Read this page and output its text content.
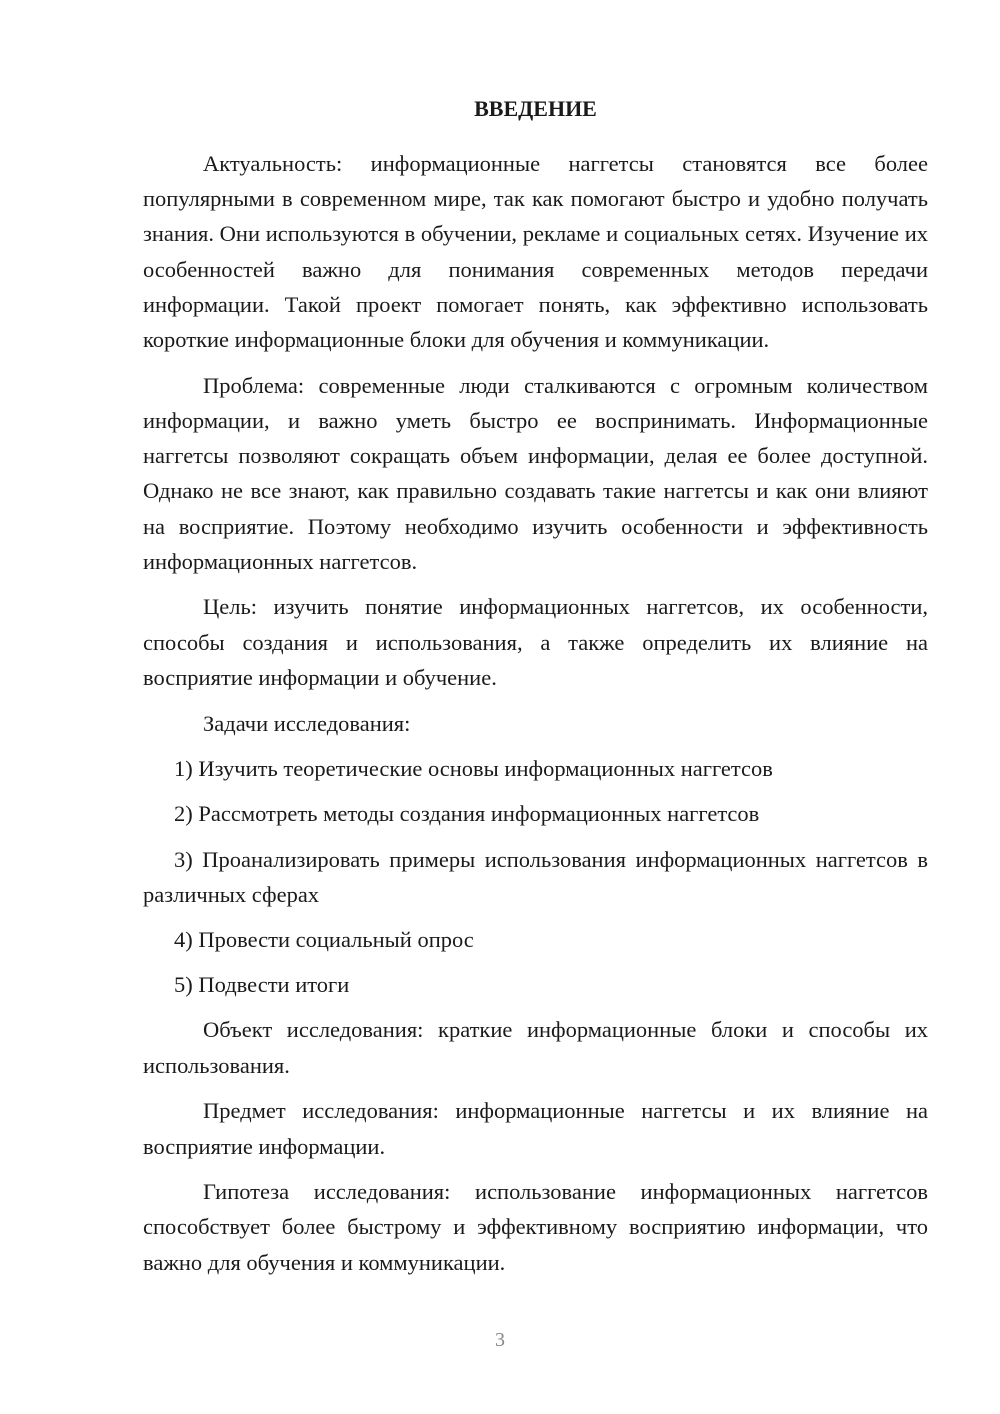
ВВЕДЕНИЕ

Актуальность: информационные наггетсы становятся все более популярными в современном мире, так как помогают быстро и удобно получать знания. Они используются в обучении, рекламе и социальных сетях. Изучение их особенностей важно для понимания современных методов передачи информации. Такой проект помогает понять, как эффективно использовать короткие информационные блоки для обучения и коммуникации.

Проблема: современные люди сталкиваются с огромным количеством информации, и важно уметь быстро ее воспринимать. Информационные наггетсы позволяют сокращать объем информации, делая ее более доступной. Однако не все знают, как правильно создавать такие наггетсы и как они влияют на восприятие. Поэтому необходимо изучить особенности и эффективность информационных наггетсов.

Цель: изучить понятие информационных наггетсов, их особенности, способы создания и использования, а также определить их влияние на восприятие информации и обучение.

Задачи исследования:

1) Изучить теоретические основы информационных наггетсов

2) Рассмотреть методы создания информационных наггетсов

3) Проанализировать примеры использования информационных наггетсов в различных сферах

4) Провести социальный опрос

5) Подвести итоги

Объект исследования: краткие информационные блоки и способы их использования.

Предмет исследования: информационные наггетсы и их влияние на восприятие информации.

Гипотеза исследования: использование информационных наггетсов способствует более быстрому и эффективному восприятию информации, что важно для обучения и коммуникации.

3
